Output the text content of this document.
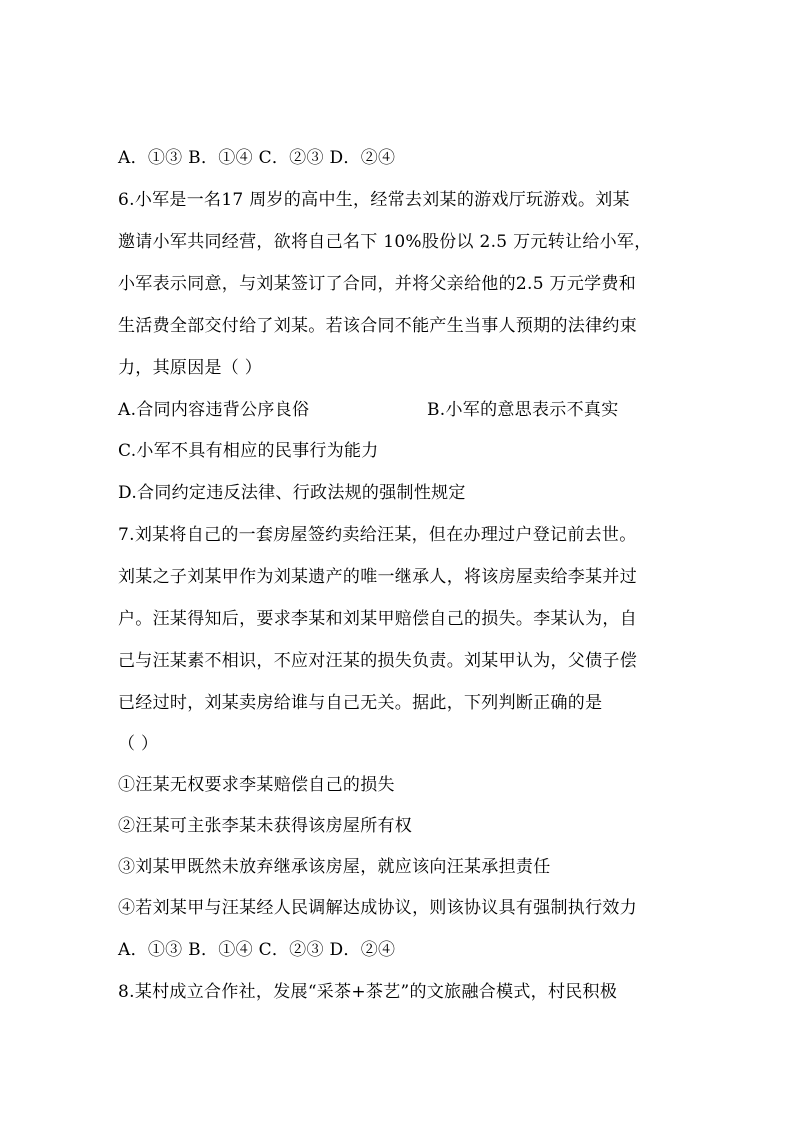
A．①③ B．①④ C．②③ D．②④
6.小军是一名17 周岁的高中生，经常去刘某的游戏厅玩游戏。刘某
邀请小军共同经营，欲将自己名下 10%股份以 2.5 万元转让给小军，
小军表示同意，与刘某签订了合同，并将父亲给他的2.5 万元学费和
生活费全部交付给了刘某。若该合同不能产生当事人预期的法律约束
力，其原因是（ ）
A.合同内容违背公序良俗	B.小军的意思表示不真实
C.小军不具有相应的民事行为能力
D.合同约定违反法律、行政法规的强制性规定
7.刘某将自己的一套房屋签约卖给汪某，但在办理过户登记前去世。
刘某之子刘某甲作为刘某遗产的唯一继承人，将该房屋卖给李某并过
户。汪某得知后，要求李某和刘某甲赔偿自己的损失。李某认为，自
己与汪某素不相识，不应对汪某的损失负责。刘某甲认为，父债子偿
已经过时，刘某卖房给谁与自己无关。据此，下列判断正确的是
（ ）
①汪某无权要求李某赔偿自己的损失
②汪某可主张李某未获得该房屋所有权
③刘某甲既然未放弃继承该房屋，就应该向汪某承担责任
④若刘某甲与汪某经人民调解达成协议，则该协议具有强制执行效力
A．①③ B．①④ C．②③ D．②④
8.某村成立合作社，发展“采茶+茶艺”的文旅融合模式，村民积极
